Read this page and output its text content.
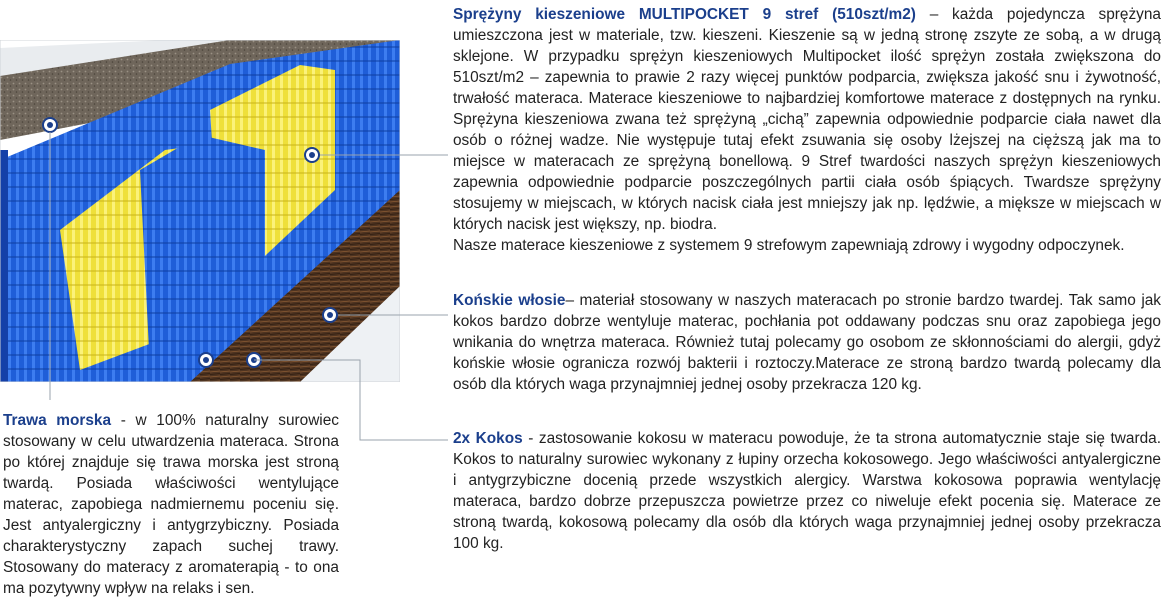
Sprężyny kieszeniowe MULTIPOCKET 9 stref (510szt/m2) – każda pojedyncza sprężyna umieszczona jest w materiale, tzw. kieszeni. Kieszenie są w jedną stronę zszyte ze sobą, a w drugą sklejone. W przypadku sprężyn kieszeniowych Multipocket ilość sprężyn została zwiększona do 510szt/m2 – zapewnia to prawie 2 razy więcej punktów podparcia, zwiększa jakość snu i żywotność, trwałość materaca. Materace kieszeniowe to najbardziej komfortowe materace z dostępnych na rynku. Sprężyna kieszeniowa zwana też sprężyną „cichą” zapewnia odpowiednie podparcie ciała nawet dla osób o różnej wadze. Nie występuje tutaj efekt zsuwania się osoby lżejszej na cięższą jak ma to miejsce w materacach ze sprężyną bonellową. 9 Stref twardości naszych sprężyn kieszeniowych zapewnia odpowiednie podparcie poszczególnych partii ciała osób śpiących. Twardsze sprężyny stosujemy w miejscach, w których nacisk ciała jest mniejszy jak np. lędźwie, a miększe w miejscach w których nacisk jest większy, np. biodra.

Nasze materace kieszeniowe z systemem 9 strefowym zapewniają zdrowy i wygodny odpoczynek.
Końskie włosie– materiał stosowany w naszych materacach po stronie bardzo twardej. Tak samo jak kokos bardzo dobrze wentyluje materac, pochłania pot oddawany podczas snu oraz zapobiega jego wnikania do wnętrza materaca. Również tutaj polecamy go osobom ze skłonnościami do alergii, gdyż końskie włosie ogranicza rozwój bakterii i roztoczy.Materace ze stroną bardzo twardą polecamy dla osób dla których waga przynajmniej jednej osoby przekracza 120 kg.
2x Kokos - zastosowanie kokosu w materacu powoduje, że ta strona automatycznie staje się twarda. Kokos to naturalny surowiec wykonany z łupiny orzecha kokosowego. Jego właściwości antyalergiczne i antygrzybiczne docenią przede wszystkich alergicy. Warstwa kokosowa poprawia wentylację materaca, bardzo dobrze przepuszcza powietrze przez co niweluje efekt pocenia się. Materace ze stroną twardą, kokosową polecamy dla osób dla których waga przynajmniej jednej osoby przekracza 100 kg.
Trawa morska - w 100% naturalny surowiec stosowany w celu utwardzenia materaca. Strona po której znajduje się trawa morska jest stroną twardą. Posiada właściwości wentylujące materac, zapobiega nadmiernemu poceniu się. Jest antyalergiczny i antygrzybiczny. Posiada charakterystyczny zapach suchej trawy. Stosowany do materacy z aromaterapią - to ona ma pozytywny wpływ na relaks i sen.
